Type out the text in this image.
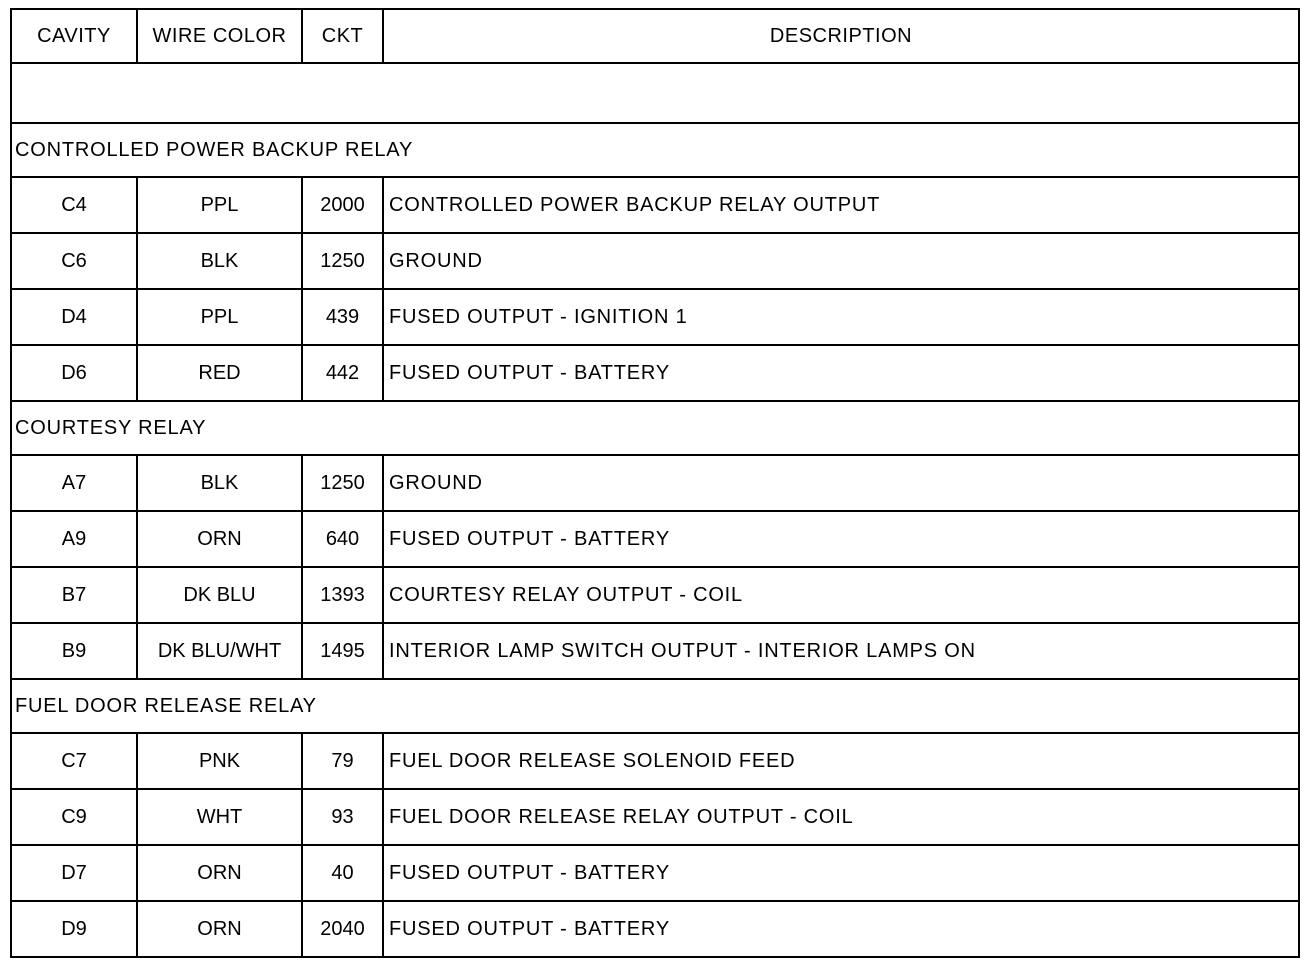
CAVITY	WIRE COLOR	CKT	DESCRIPTION

CONTROLLED POWER BACKUP RELAY			
C4	PPL	2000	CONTROLLED POWER BACKUP RELAY OUTPUT
C6	BLK	1250	GROUND
D4	PPL	439	FUSED OUTPUT - IGNITION 1
D6	RED	442	FUSED OUTPUT - BATTERY
COURTESY RELAY			
A7	BLK	1250	GROUND
A9	ORN	640	FUSED OUTPUT - BATTERY
B7	DK BLU	1393	COURTESY RELAY OUTPUT - COIL
B9	DK BLU/WHT	1495	INTERIOR LAMP SWITCH OUTPUT - INTERIOR LAMPS ON
FUEL DOOR RELEASE RELAY			
C7	PNK	79	FUEL DOOR RELEASE SOLENOID FEED
C9	WHT	93	FUEL DOOR RELEASE RELAY OUTPUT - COIL
D7	ORN	40	FUSED OUTPUT - BATTERY
D9	ORN	2040	FUSED OUTPUT - BATTERY
